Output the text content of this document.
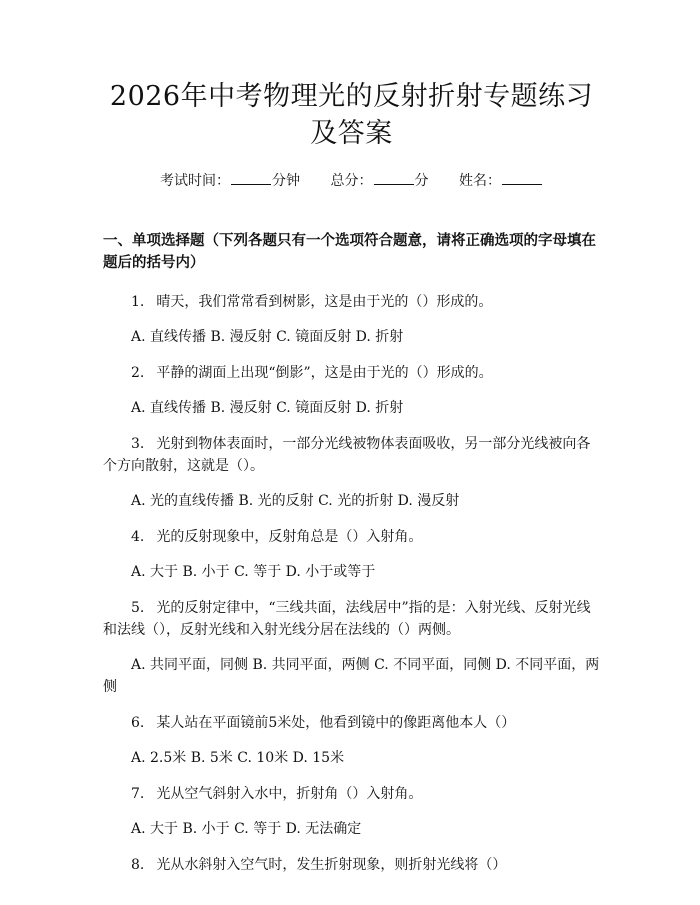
2026年中考物理光的反射折射专题练习及答案
考试时间：	分钟 总分：	分 姓名：
一、单项选择题（下列各题只有一个选项符合题意，请将正确选项的字母填在题后的括号内）
1. 晴天，我们常常看到树影，这是由于光的（）形成的。
A. 直线传播 B. 漫反射 C. 镜面反射 D. 折射
2. 平静的湖面上出现“倒影”，这是由于光的（）形成的。
A. 直线传播 B. 漫反射 C. 镜面反射 D. 折射
3. 光射到物体表面时，一部分光线被物体表面吸收，另一部分光线被向各个方向散射，这就是（）。
A. 光的直线传播 B. 光的反射 C. 光的折射 D. 漫反射
4. 光的反射现象中，反射角总是（）入射角。
A. 大于 B. 小于 C. 等于 D. 小于或等于
5. 光的反射定律中，“三线共面，法线居中”指的是：入射光线、反射光线和法线（），反射光线和入射光线分居在法线的（）两侧。
A. 共同平面，同侧 B. 共同平面，两侧 C. 不同平面，同侧 D. 不同平面，两侧
6. 某人站在平面镜前5米处，他看到镜中的像距离他本人（）
A. 2.5米 B. 5米 C. 10米 D. 15米
7. 光从空气斜射入水中，折射角（）入射角。
A. 大于 B. 小于 C. 等于 D. 无法确定
8. 光从水斜射入空气时，发生折射现象，则折射光线将（）
